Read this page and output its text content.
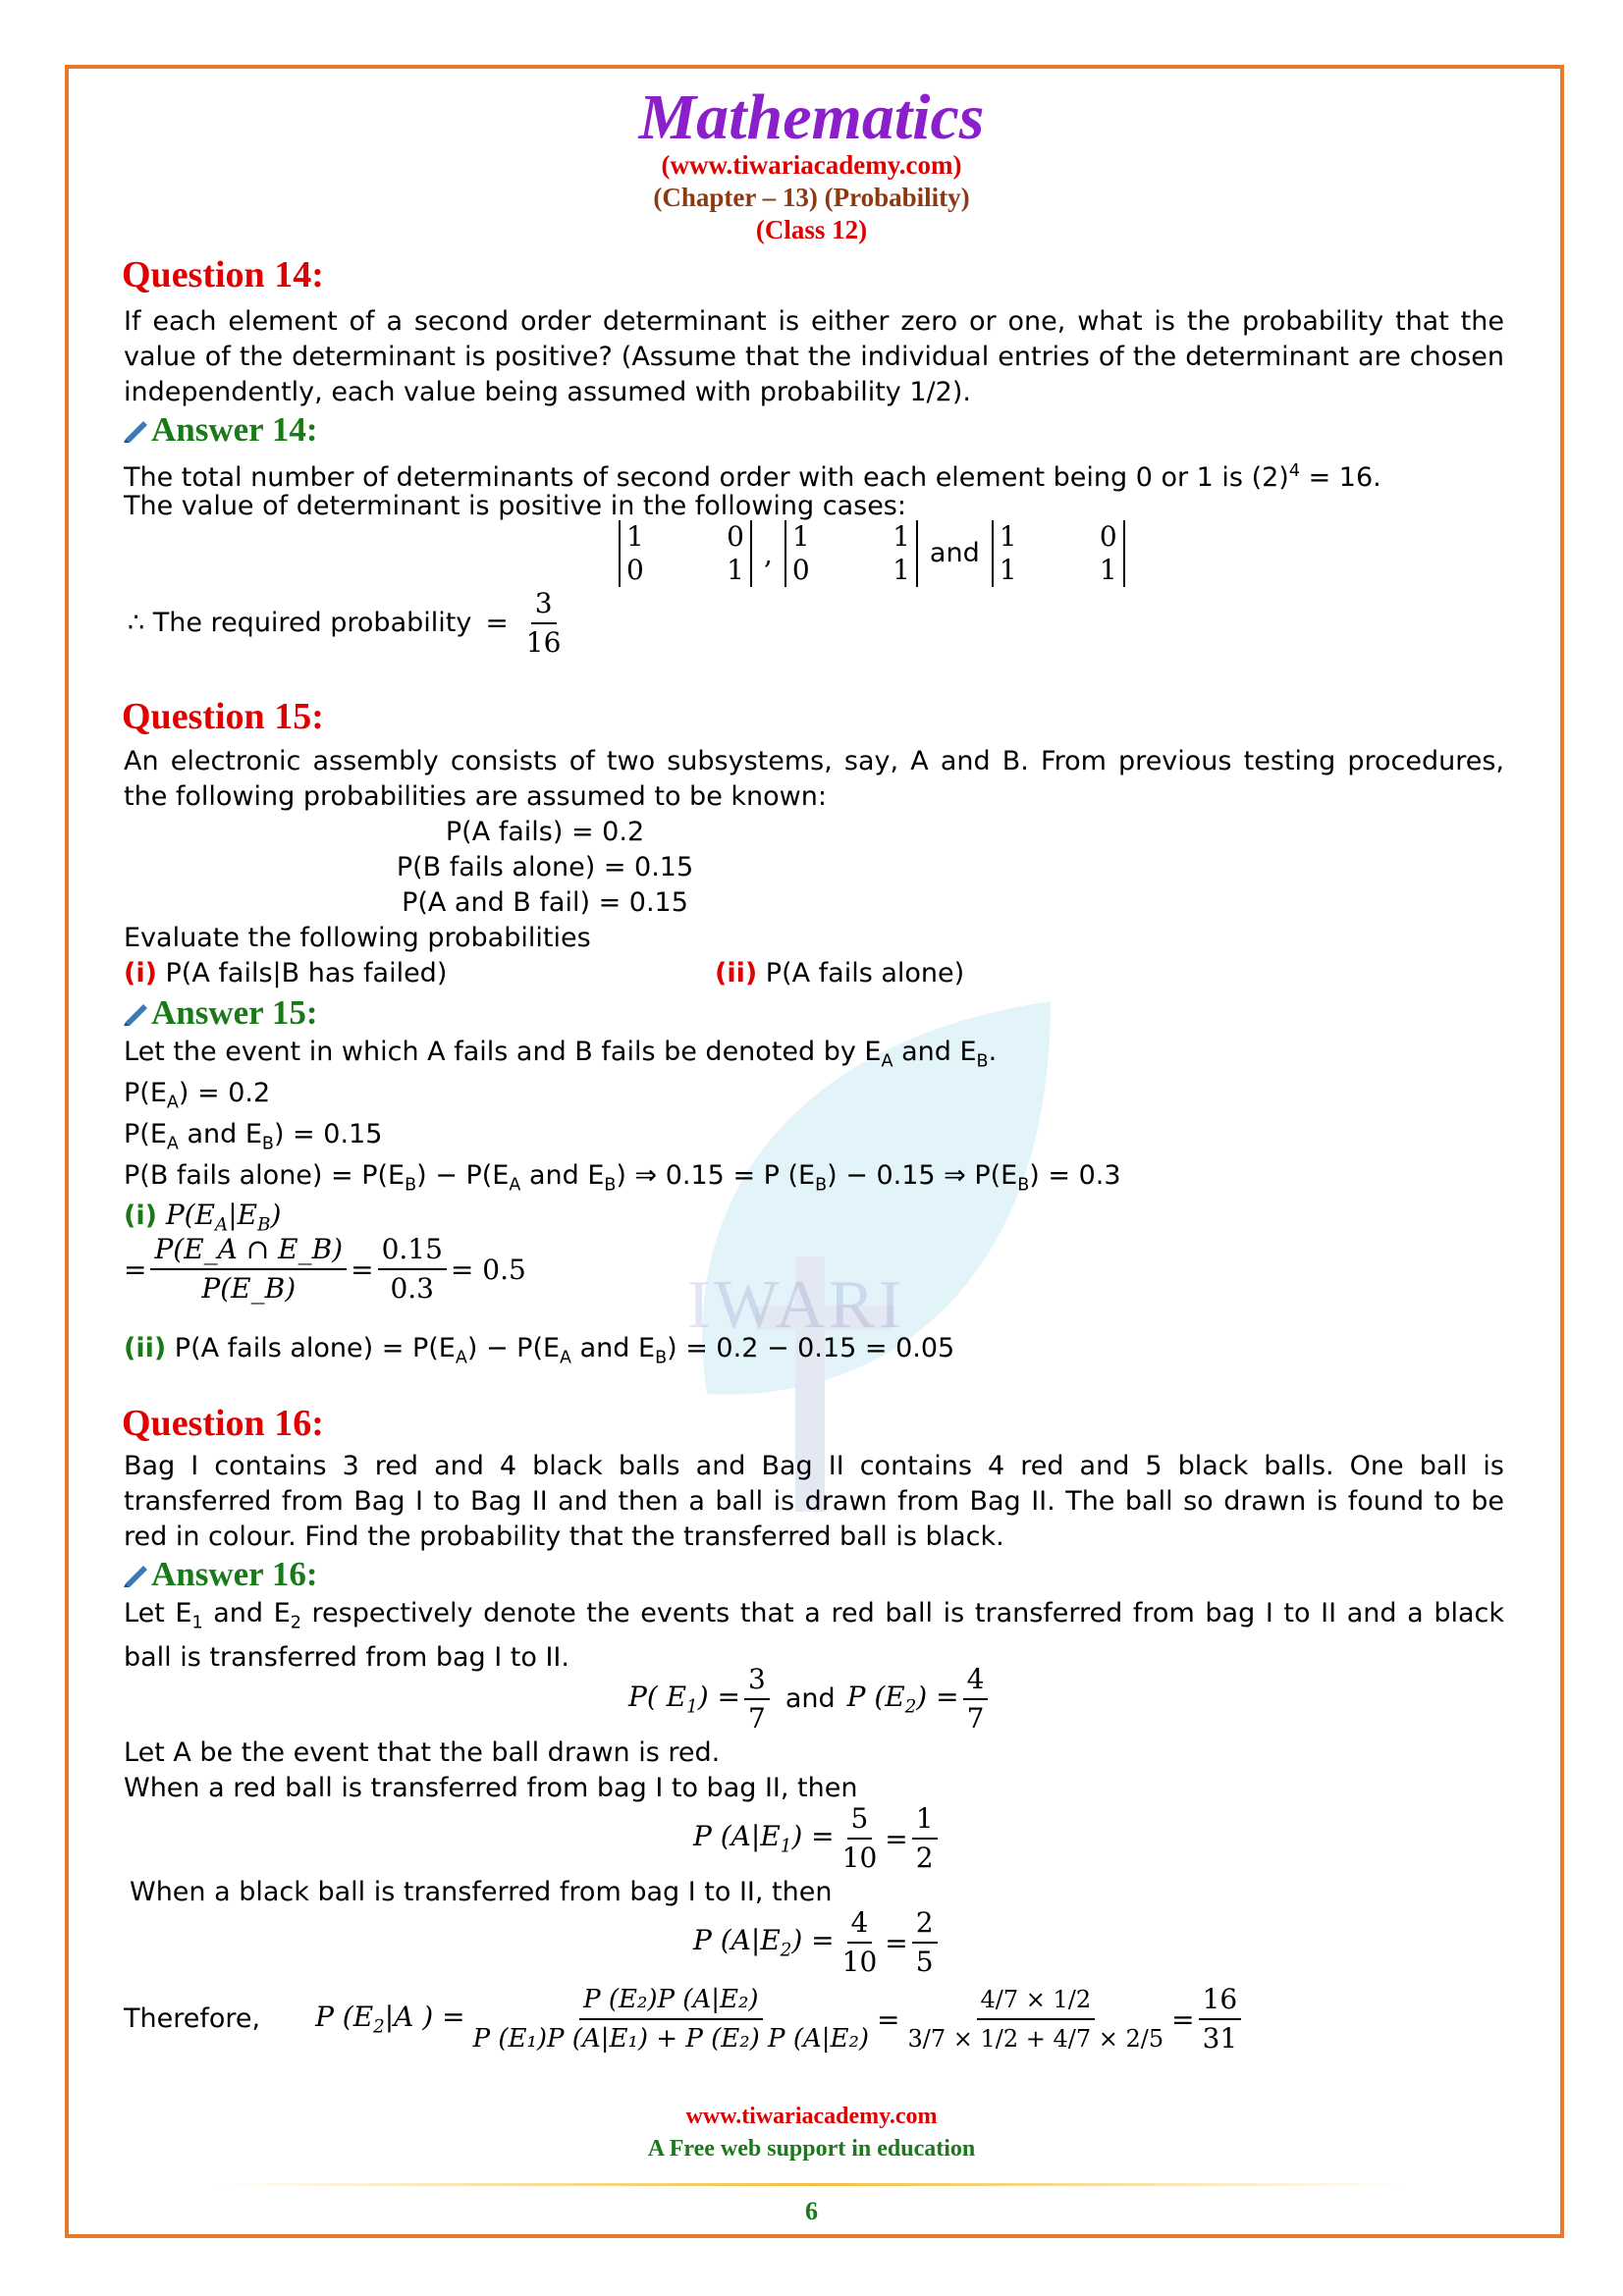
IWARI
Mathematics
(www.tiwariacademy.com)
(Chapter – 13) (Probability)
(Class 12)
Question 14:
If each element of a second order determinant is either zero or one, what is the probability that the value of the determinant is positive? (Assume that the individual entries of the determinant are chosen independently, each value being assumed with probability 1/2).
Answer 14:
The total number of determinants of second order with each element being 0 or 1 is $(2)^4 = 16$.
The value of determinant is positive in the following cases:
1	0
0	1 ,
1	1
0	1
and
1	0
1	1
∴ The required probability = $\frac{3}{16}$
Question 15:
An electronic assembly consists of two subsystems, say, A and B. From previous testing procedures, the following probabilities are assumed to be known:
P(A fails) = 0.2
P(B fails alone) = 0.15
P(A and B fail) = 0.15
Evaluate the following probabilities
(i) P(A fails|B has failed)	(ii) P(A fails alone)
Answer 15:
Let the event in which A fails and B fails be denoted by $E_A$ and $E_B$.
$P(E_A) = 0.2$
$P(E_A$ and $E_B) = 0.15$
P(B fails alone) = $P(E_B) - P(E_A$ and $E_B$) ⇒ 0.15 = P $(E_B) - 0.15$ ⇒ $P(E_B) = 0.3$
(i) $P(E_A|E_B)$
= $\frac{P(E\_A \cap E\_B)}{P(E\_B)} = \frac{0.15}{0.3} = 0.5$
(ii) P(A fails alone) = $P(E_A) - P(E_A$ and $E_B) = 0.2 - 0.15 = 0.05$
Question 16:
Bag I contains 3 red and 4 black balls and Bag II contains 4 red and 5 black balls. One ball is transferred from Bag I to Bag II and then a ball is drawn from Bag II. The ball so drawn is found to be red in colour. Find the probability that the transferred ball is black.
Answer 16:
Let $E_1$ and $E_2$ respectively denote the events that a red ball is transferred from bag I to II and a black ball is transferred from bag I to II.
P( $E_1) = \frac{3}{7}$ and P $(E_2) = \frac{4}{7}$
Let A be the event that the ball drawn is red.
When a red ball is transferred from bag I to bag II, then
P $(A|E_1) = \frac{5}{10} = \frac{1}{2}$
When a black ball is transferred from bag I to II, then
P $(A|E_2) = \frac{4}{10} = \frac{2}{5}$
Therefore, P ($E_2|A$ ) = $\frac{\text{P (E₂)P (A|E₂)}}{\text{P (E₁)P (A|E₁) + P (E₂) P (A|E₂)}} = \frac{4/7 \times 1/2}{3/7 \times 1/2 + 4/7 \times 2/5} = \frac{16}{31}$
www.tiwariacademy.com
A Free web support in education
6
